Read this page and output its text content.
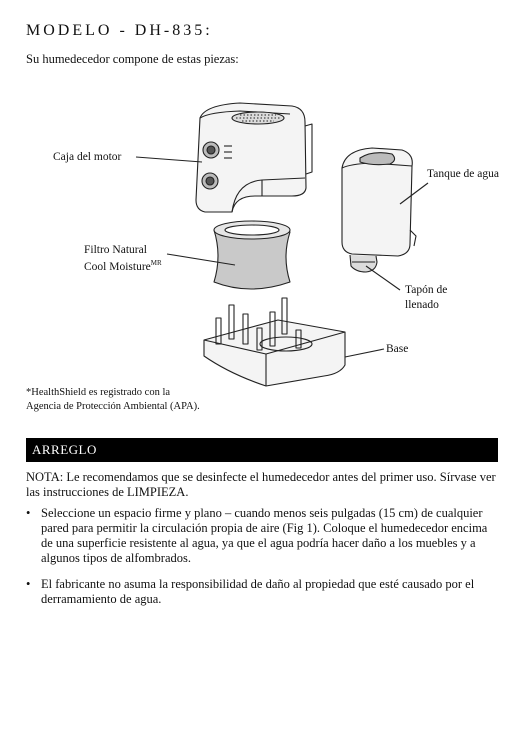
MODELO - DH-835:
Su humedecedor compone de estas piezas:
Caja del motor
Tanque de agua
Filtro Natural
Cool Moisture$^{MR}$
Tapón de
llenado
Base
*HealthShield es registrado con la
Agencia de Protección Ambiental (APA).
ARREGLO
NOTA: Le recomendamos que se desinfecte el humedecedor antes del primer uso. Sírvase ver las instrucciones de LIMPIEZA.
• Seleccione un espacio firme y plano – cuando menos seis pulgadas (15 cm) de cualquier pared para permitir la circulación propia de aire (Fig 1). Coloque el humedecedor encima de una superficie resistente al agua, ya que el agua podría hacer daño a los muebles y a algunos tipos de alfombrados.
• El fabricante no asuma la responsibilidad de daño al propiedad que esté causado por el derramamiento de agua.
